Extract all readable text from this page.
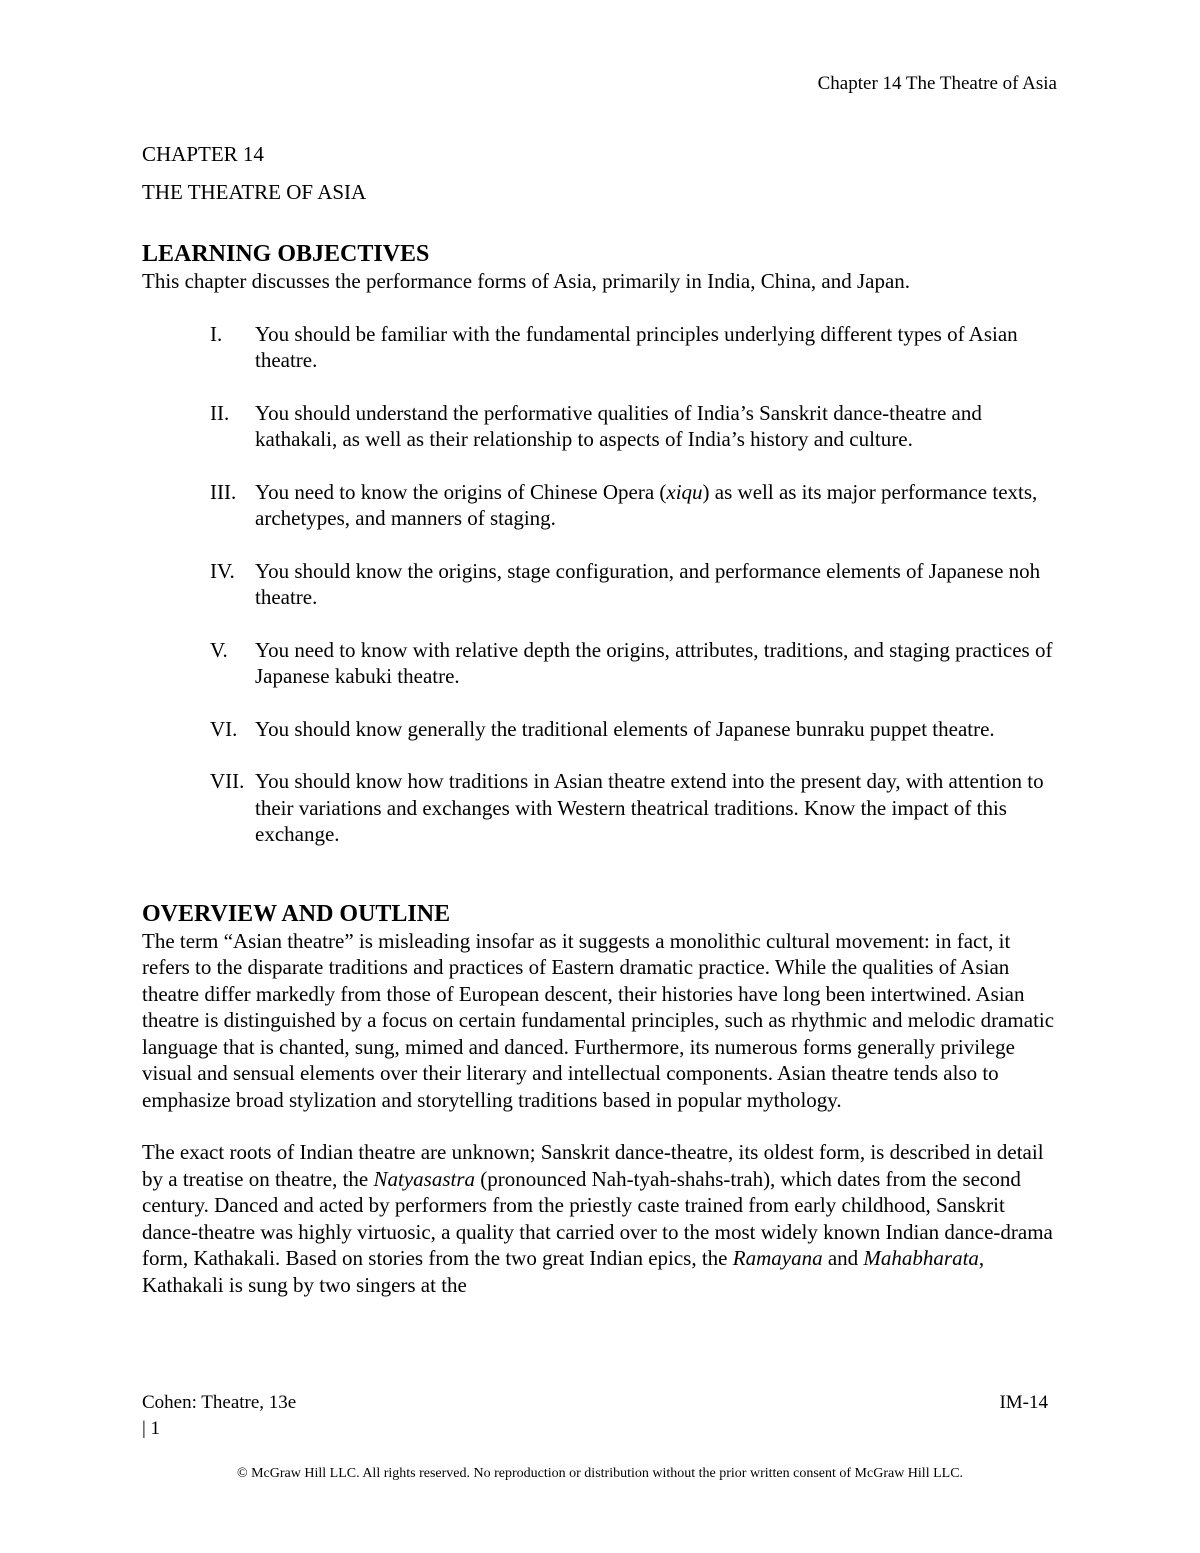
Chapter 14 The Theatre of Asia
CHAPTER 14
THE THEATRE OF ASIA
LEARNING OBJECTIVES

This chapter discusses the performance forms of Asia, primarily in India, China, and Japan.

I. You should be familiar with the fundamental principles underlying different types of Asian theatre.
II. You should understand the performative qualities of India’s Sanskrit dance-theatre and kathakali, as well as their relationship to aspects of India’s history and culture.
III. You need to know the origins of Chinese Opera (xiqu) as well as its major performance texts, archetypes, and manners of staging.
IV. You should know the origins, stage configuration, and performance elements of Japanese noh theatre.
V. You need to know with relative depth the origins, attributes, traditions, and staging practices of Japanese kabuki theatre.
VI. You should know generally the traditional elements of Japanese bunraku puppet theatre.
VII. You should know how traditions in Asian theatre extend into the present day, with attention to their variations and exchanges with Western theatrical traditions. Know the impact of this exchange.
OVERVIEW AND OUTLINE

The term “Asian theatre” is misleading insofar as it suggests a monolithic cultural movement: in fact, it refers to the disparate traditions and practices of Eastern dramatic practice. While the qualities of Asian theatre differ markedly from those of European descent, their histories have long been intertwined. Asian theatre is distinguished by a focus on certain fundamental principles, such as rhythmic and melodic dramatic language that is chanted, sung, mimed and danced. Furthermore, its numerous forms generally privilege visual and sensual elements over their literary and intellectual components. Asian theatre tends also to emphasize broad stylization and storytelling traditions based in popular mythology.

The exact roots of Indian theatre are unknown; Sanskrit dance-theatre, its oldest form, is described in detail by a treatise on theatre, the Natyasastra (pronounced Nah-tyah-shahs-trah), which dates from the second century. Danced and acted by performers from the priestly caste trained from early childhood, Sanskrit dance-theatre was highly virtuosic, a quality that carried over to the most widely known Indian dance-drama form, Kathakali. Based on stories from the two great Indian epics, the Ramayana and Mahabharata, Kathakali is sung by two singers at the

Cohen: Theatre, 13e
| 1
IM-14
© McGraw Hill LLC. All rights reserved. No reproduction or distribution without the prior written consent of McGraw Hill LLC.
